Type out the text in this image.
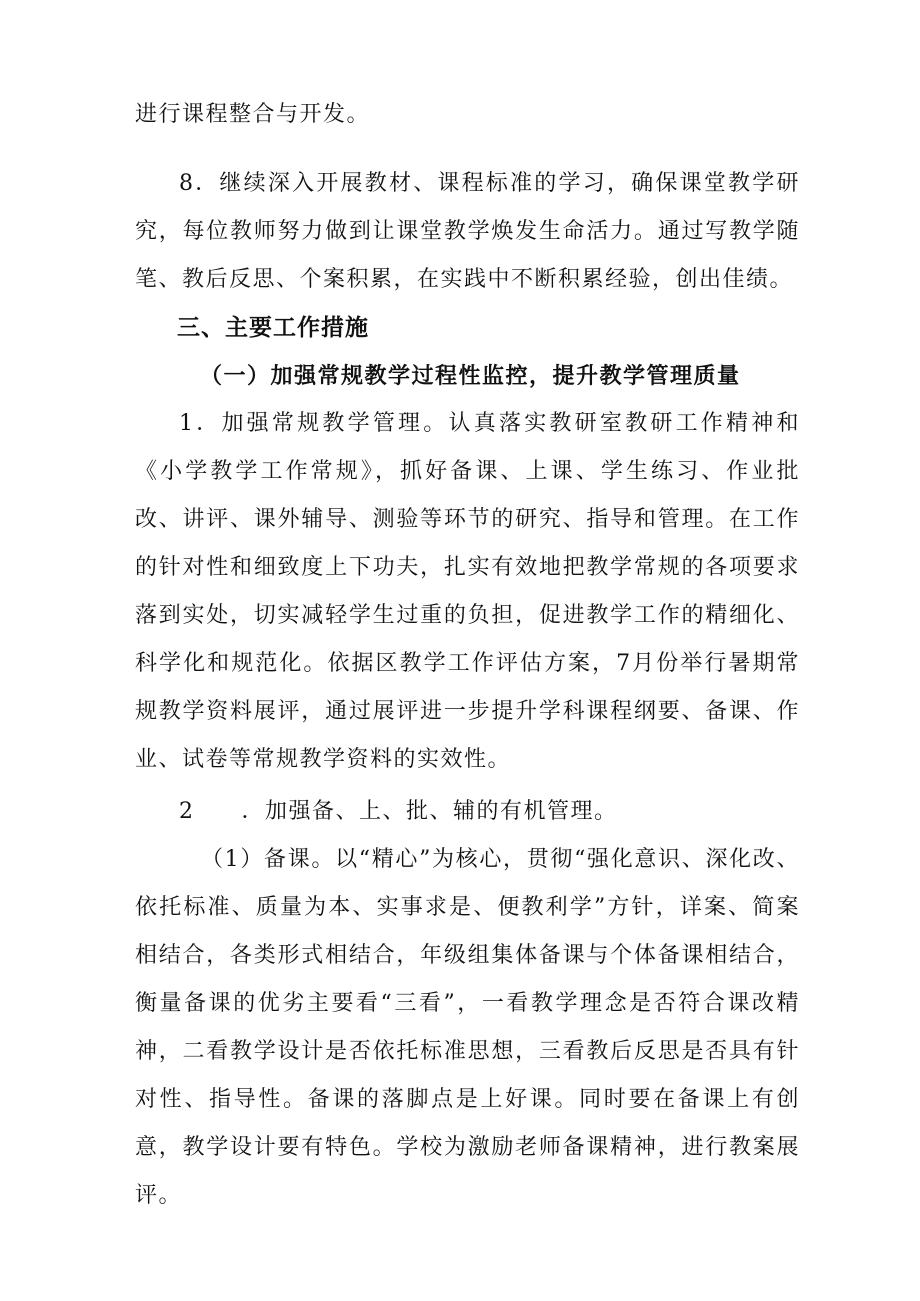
进行课程整合与开发。

8．继续深入开展教材、课程标准的学习，确保课堂教学研究，每位教师努力做到让课堂教学焕发生命活力。通过写教学随笔、教后反思、个案积累，在实践中不断积累经验，创出佳绩。

三、主要工作措施
（一）加强常规教学过程性监控，提升教学管理质量

1．加强常规教学管理。认真落实教研室教研工作精神和《小学教学工作常规》，抓好备课、上课、学生练习、作业批改、讲评、课外辅导、测验等环节的研究、指导和管理。在工作的针对性和细致度上下功夫，扎实有效地把教学常规的各项要求落到实处，切实减轻学生过重的负担，促进教学工作的精细化、科学化和规范化。依据区教学工作评估方案，7月份举行暑期常规教学资料展评，通过展评进一步提升学科课程纲要、备课、作业、试卷等常规教学资料的实效性。

2　　．加强备、上、批、辅的有机管理。

（1）备课。以“精心”为核心，贯彻“强化意识、深化改、依托标准、质量为本、实事求是、便教利学”方针，详案、简案相结合，各类形式相结合，年级组集体备课与个体备课相结合，衡量备课的优劣主要看“三看”，一看教学理念是否符合课改精神，二看教学设计是否依托标准思想，三看教后反思是否具有针对性、指导性。备课的落脚点是上好课。同时要在备课上有创意，教学设计要有特色。学校为激励老师备课精神，进行教案展评。
